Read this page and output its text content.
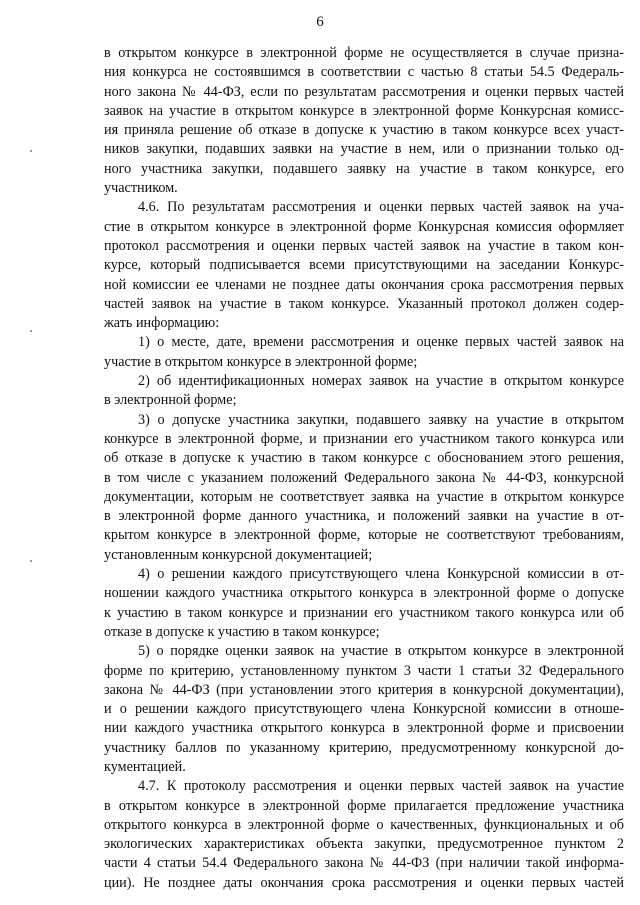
6
в открытом конкурсе в электронной форме не осуществляется в случае призна-
ния конкурса не состоявшимся в соответствии с частью 8 статьи 54.5 Федераль-
ного закона № 44-ФЗ, если по результатам рассмотрения и оценки первых частей
заявок на участие в открытом конкурсе в электронной форме Конкурсная комисс-
ия приняла решение об отказе в допуске к участию в таком конкурсе всех участ-
ников закупки, подавших заявки на участие в нем, или о признании только од-
ного участника закупки, подавшего заявку на участие в таком конкурсе, его
участником.
4.6. По результатам рассмотрения и оценки первых частей заявок на уча-
стие в открытом конкурсе в электронной форме Конкурсная комиссия оформляет
протокол рассмотрения и оценки первых частей заявок на участие в таком кон-
курсе, который подписывается всеми присутствующими на заседании Конкурс-
ной комиссии ее членами не позднее даты окончания срока рассмотрения первых
частей заявок на участие в таком конкурсе. Указанный протокол должен содер-
жать информацию:
1) о месте, дате, времени рассмотрения и оценке первых частей заявок на
участие в открытом конкурсе в электронной форме;
2) об идентификационных номерах заявок на участие в открытом конкурсе
в электронной форме;
3) о допуске участника закупки, подавшего заявку на участие в открытом
конкурсе в электронной форме, и признании его участником такого конкурса или
об отказе в допуске к участию в таком конкурсе с обоснованием этого решения,
в том числе с указанием положений Федерального закона № 44-ФЗ, конкурсной
документации, которым не соответствует заявка на участие в открытом конкурсе
в электронной форме данного участника, и положений заявки на участие в от-
крытом конкурсе в электронной форме, которые не соответствуют требованиям,
установленным конкурсной документацией;
4) о решении каждого присутствующего члена Конкурсной комиссии в от-
ношении каждого участника открытого конкурса в электронной форме о допуске
к участию в таком конкурсе и признании его участником такого конкурса или об
отказе в допуске к участию в таком конкурсе;
5) о порядке оценки заявок на участие в открытом конкурсе в электронной
форме по критерию, установленному пунктом 3 части 1 статьи 32 Федерального
закона № 44-ФЗ (при установлении этого критерия в конкурсной документации),
и о решении каждого присутствующего члена Конкурсной комиссии в отноше-
нии каждого участника открытого конкурса в электронной форме и присвоении
участнику баллов по указанному критерию, предусмотренному конкурсной до-
кументацией.
4.7. К протоколу рассмотрения и оценки первых частей заявок на участие
в открытом конкурсе в электронной форме прилагается предложение участника
открытого конкурса в электронной форме о качественных, функциональных и об
экологических характеристиках объекта закупки, предусмотренное пунктом 2
части 4 статьи 54.4 Федерального закона № 44-ФЗ (при наличии такой информа-
ции). Не позднее даты окончания срока рассмотрения и оценки первых частей
